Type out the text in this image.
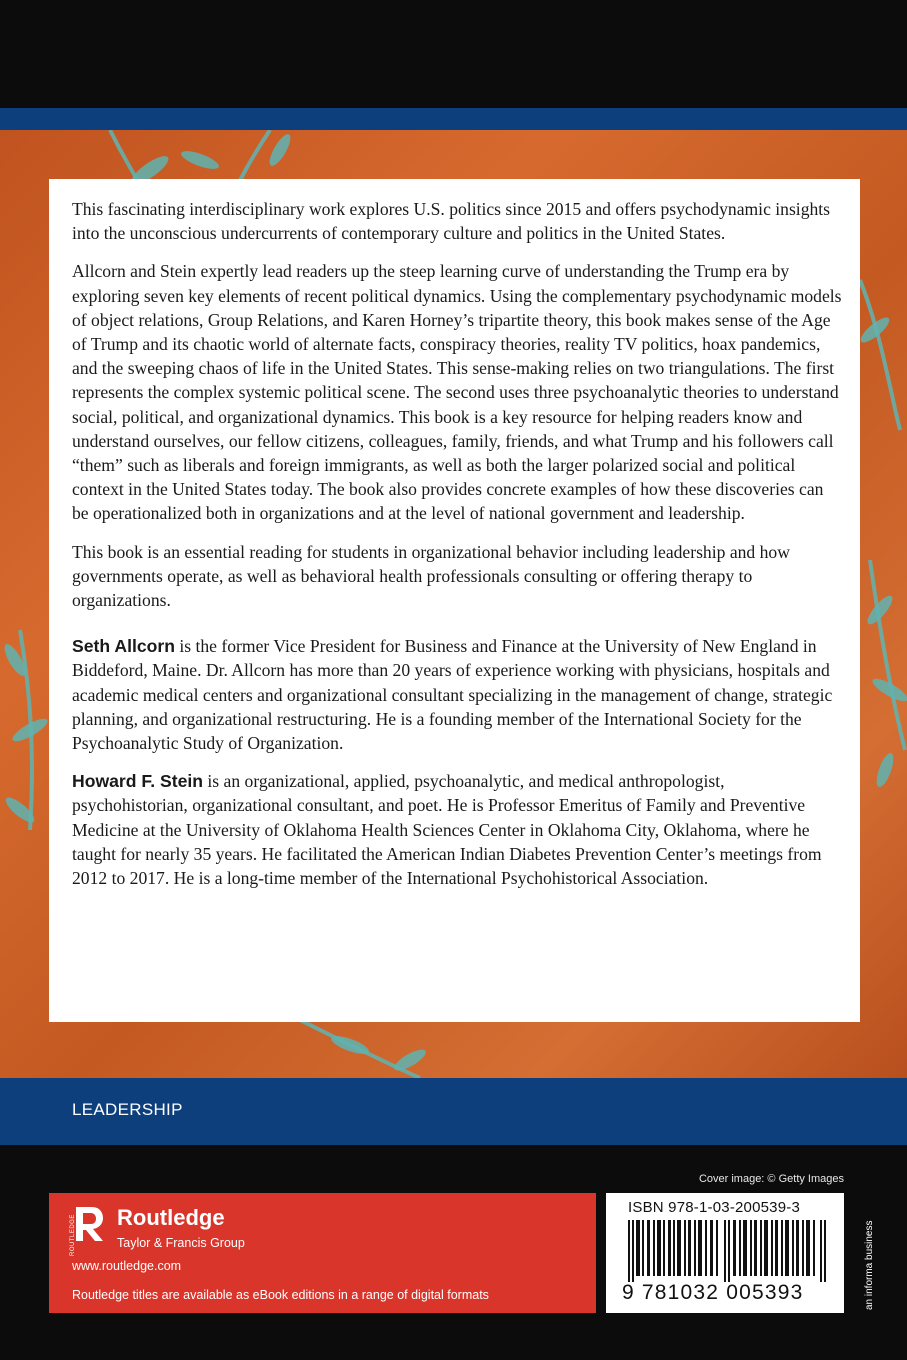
This fascinating interdisciplinary work explores U.S. politics since 2015 and offers psychodynamic insights into the unconscious undercurrents of contemporary culture and politics in the United States.

Allcorn and Stein expertly lead readers up the steep learning curve of understanding the Trump era by exploring seven key elements of recent political dynamics. Using the complementary psychodynamic models of object relations, Group Relations, and Karen Horney’s tripartite theory, this book makes sense of the Age of Trump and its chaotic world of alternate facts, conspiracy theories, reality TV politics, hoax pandemics, and the sweeping chaos of life in the United States. This sense-making relies on two triangulations. The first represents the complex systemic political scene. The second uses three psychoanalytic theories to understand social, political, and organizational dynamics. This book is a key resource for helping readers know and understand ourselves, our fellow citizens, colleagues, family, friends, and what Trump and his followers call “them” such as liberals and foreign immigrants, as well as both the larger polarized social and political context in the United States today. The book also provides concrete examples of how these discoveries can be operationalized both in organizations and at the level of national government and leadership.

This book is an essential reading for students in organizational behavior including leadership and how governments operate, as well as behavioral health professionals consulting or offering therapy to organizations.

Seth Allcorn is the former Vice President for Business and Finance at the University of New England in Biddeford, Maine. Dr. Allcorn has more than 20 years of experience working with physicians, hospitals and academic medical centers and organizational consultant specializing in the management of change, strategic planning, and organizational restructuring. He is a founding member of the International Society for the Psychoanalytic Study of Organization.

Howard F. Stein is an organizational, applied, psychoanalytic, and medical anthropologist, psychohistorian, organizational consultant, and poet. He is Professor Emeritus of Family and Preventive Medicine at the University of Oklahoma Health Sciences Center in Oklahoma City, Oklahoma, where he taught for nearly 35 years. He facilitated the American Indian Diabetes Prevention Center’s meetings from 2012 to 2017. He is a long-time member of the International Psychohistorical Association.

LEADERSHIP
Cover image: © Getty Images
ROUTLEDGE Routledge
Taylor & Francis Group
www.routledge.com
Routledge titles are available as eBook editions in a range of digital formats
ISBN 978-1-03-200539-3
9 781032 005393	an informa business
